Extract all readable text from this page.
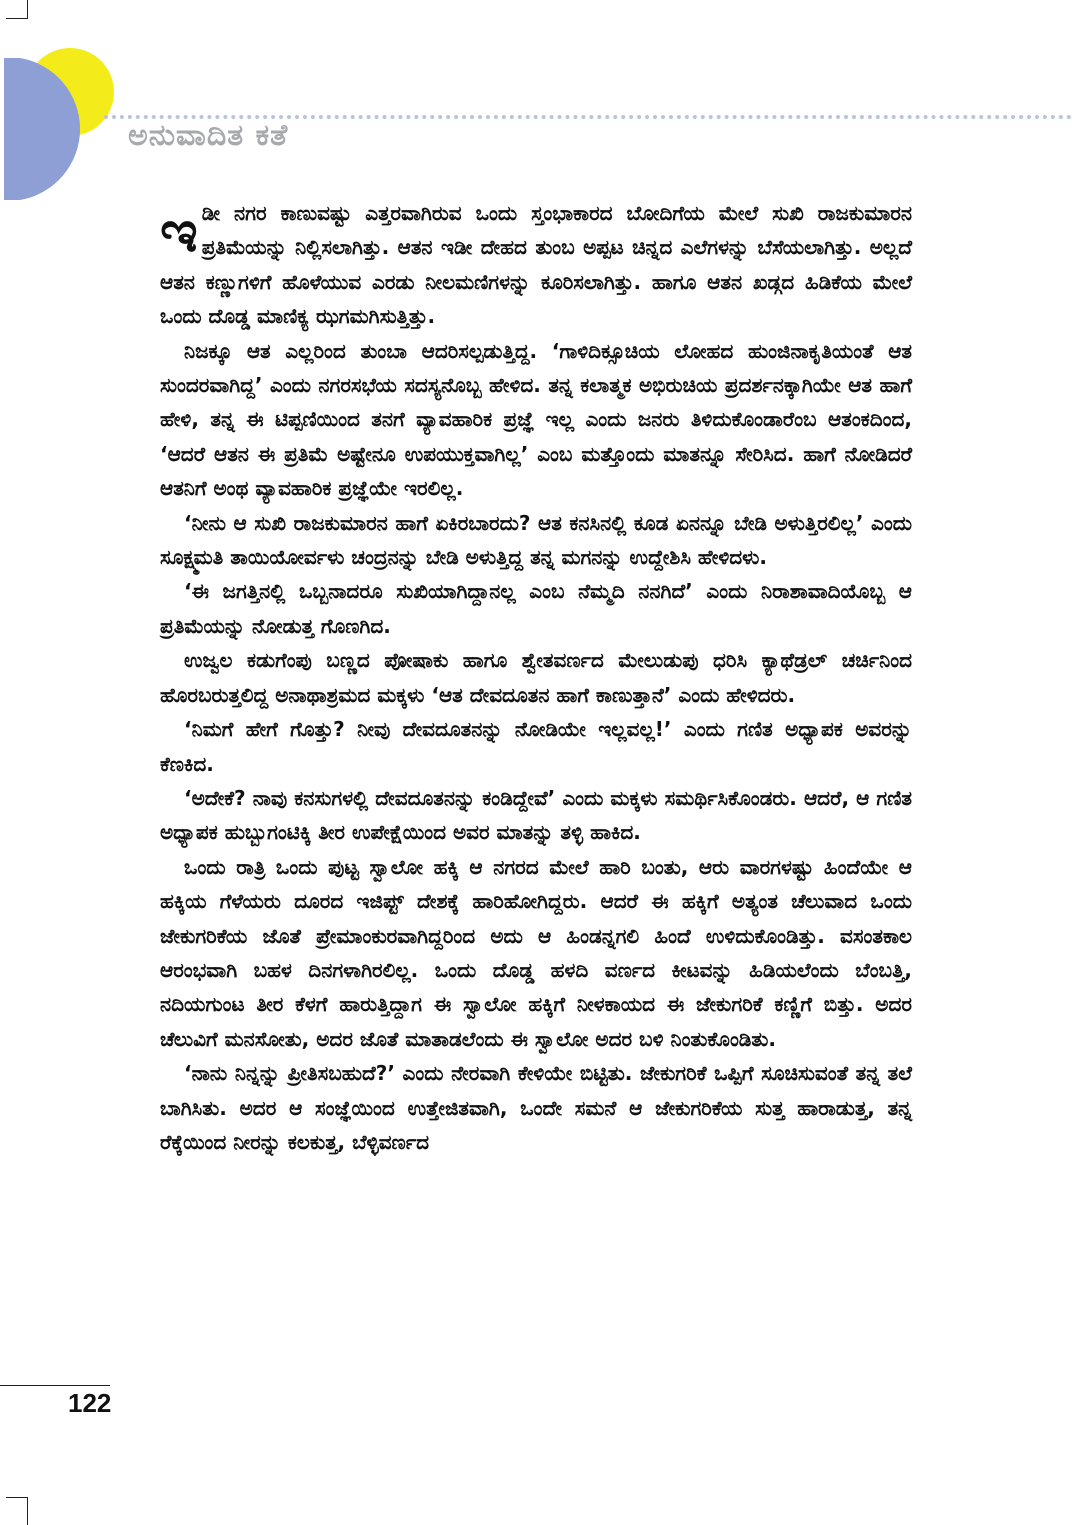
ಅನುವಾದಿತ ಕತೆ

ಇಡೀ ನಗರ ಕಾಣುವಷ್ಟು ಎತ್ತರವಾಗಿರುವ ಒಂದು ಸ್ತಂಭಾಕಾರದ ಬೋದಿಗೆಯ ಮೇಲೆ ಸುಖಿ ರಾಜಕುಮಾರನ ಪ್ರತಿಮೆಯನ್ನು ನಿಲ್ಲಿಸಲಾಗಿತ್ತು. ಆತನ ಇಡೀ ದೇಹದ ತುಂಬ ಅಪ್ಪಟ ಚಿನ್ನದ ಎಲೆಗಳನ್ನು ಬೆಸೆಯಲಾಗಿತ್ತು. ಅಲ್ಲದೆ ಆತನ ಕಣ್ಣುಗಳಿಗೆ ಹೊಳೆಯುವ ಎರಡು ನೀಲಮಣಿಗಳನ್ನು ಕೂರಿಸಲಾಗಿತ್ತು. ಹಾಗೂ ಆತನ ಖಡ್ಗದ ಹಿಡಿಕೆಯ ಮೇಲೆ ಒಂದು ದೊಡ್ಡ ಮಾಣಿಕ್ಯ ಝಗಮಗಿಸುತ್ತಿತ್ತು.

ನಿಜಕ್ಕೂ ಆತ ಎಲ್ಲರಿಂದ ತುಂಬಾ ಆದರಿಸಲ್ಪಡುತ್ತಿದ್ದ. ‘ಗಾಳಿದಿಕ್ಸೂಚಿಯ ಲೋಹದ ಹುಂಜಿನಾಕೃತಿಯಂತೆ ಆತ ಸುಂದರವಾಗಿದ್ದ’ ಎಂದು ನಗರಸಭೆಯ ಸದಸ್ಯನೊಬ್ಬ ಹೇಳಿದ. ತನ್ನ ಕಲಾತ್ಮಕ ಅಭಿರುಚಿಯ ಪ್ರದರ್ಶನಕ್ಕಾಗಿಯೇ ಆತ ಹಾಗೆ ಹೇಳಿ, ತನ್ನ ಈ ಟಿಪ್ಪಣಿಯಿಂದ ತನಗೆ ವ್ಯಾವಹಾರಿಕ ಪ್ರಜ್ಞೆ ಇಲ್ಲ ಎಂದು ಜನರು ತಿಳಿದುಕೊಂಡಾರೆಂಬ ಆತಂಕದಿಂದ, ‘ಆದರೆ ಆತನ ಈ ಪ್ರತಿಮೆ ಅಷ್ಟೇನೂ ಉಪಯುಕ್ತವಾಗಿಲ್ಲ’ ಎಂಬ ಮತ್ತೊಂದು ಮಾತನ್ನೂ ಸೇರಿಸಿದ. ಹಾಗೆ ನೋಡಿದರೆ ಆತನಿಗೆ ಅಂಥ ವ್ಯಾವಹಾರಿಕ ಪ್ರಜ್ಞೆಯೇ ಇರಲಿಲ್ಲ.

‘ನೀನು ಆ ಸುಖಿ ರಾಜಕುಮಾರನ ಹಾಗೆ ಏಕಿರಬಾರದು? ಆತ ಕನಸಿನಲ್ಲಿ ಕೂಡ ಏನನ್ನೂ ಬೇಡಿ ಅಳುತ್ತಿರಲಿಲ್ಲ’ ಎಂದು ಸೂಕ್ಷ್ಮಮತಿ ತಾಯಿಯೋರ್ವಳು ಚಂದ್ರನನ್ನು ಬೇಡಿ ಅಳುತ್ತಿದ್ದ ತನ್ನ ಮಗನನ್ನು ಉದ್ದೇಶಿಸಿ ಹೇಳಿದಳು.

‘ಈ ಜಗತ್ತಿನಲ್ಲಿ ಒಬ್ಬನಾದರೂ ಸುಖಿಯಾಗಿದ್ದಾನಲ್ಲ ಎಂಬ ನೆಮ್ಮದಿ ನನಗಿದೆ’ ಎಂದು ನಿರಾಶಾವಾದಿಯೊಬ್ಬ ಆ ಪ್ರತಿಮೆಯನ್ನು ನೋಡುತ್ತ ಗೊಣಗಿದ.

ಉಜ್ವಲ ಕಡುಗೆಂಪು ಬಣ್ಣದ ಪೋಷಾಕು ಹಾಗೂ ಶ್ವೇತವರ್ಣದ ಮೇಲುಡುಪು ಧರಿಸಿ ಕ್ಯಾಥೆಡ್ರಲ್ ಚರ್ಚಿನಿಂದ ಹೊರಬರುತ್ತಲಿದ್ದ ಅನಾಥಾಶ್ರಮದ ಮಕ್ಕಳು ‘ಆತ ದೇವದೂತನ ಹಾಗೆ ಕಾಣುತ್ತಾನೆ’ ಎಂದು ಹೇಳಿದರು.

‘ನಿಮಗೆ ಹೇಗೆ ಗೊತ್ತು? ನೀವು ದೇವದೂತನನ್ನು ನೋಡಿಯೇ ಇಲ್ಲವಲ್ಲ!’ ಎಂದು ಗಣಿತ ಅಧ್ಯಾಪಕ ಅವರನ್ನು ಕೆಣಕಿದ.

‘ಅದೇಕೆ? ನಾವು ಕನಸುಗಳಲ್ಲಿ ದೇವದೂತನನ್ನು ಕಂಡಿದ್ದೇವೆ’ ಎಂದು ಮಕ್ಕಳು ಸಮರ್ಥಿಸಿಕೊಂಡರು. ಆದರೆ, ಆ ಗಣಿತ ಅಧ್ಯಾಪಕ ಹುಬ್ಬುಗಂಟಿಕ್ಕಿ ತೀರ ಉಪೇಕ್ಷೆಯಿಂದ ಅವರ ಮಾತನ್ನು ತಳ್ಳಿ ಹಾಕಿದ.

ಒಂದು ರಾತ್ರಿ ಒಂದು ಪುಟ್ಟ ಸ್ವಾಲೋ ಹಕ್ಕಿ ಆ ನಗರದ ಮೇಲೆ ಹಾರಿ ಬಂತು, ಆರು ವಾರಗಳಷ್ಟು ಹಿಂದೆಯೇ ಆ ಹಕ್ಕಿಯ ಗೆಳೆಯರು ದೂರದ ಇಜಿಪ್ಟ್ ದೇಶಕ್ಕೆ ಹಾರಿಹೋಗಿದ್ದರು. ಆದರೆ ಈ ಹಕ್ಕಿಗೆ ಅತ್ಯಂತ ಚೆಲುವಾದ ಒಂದು ಜೇಕುಗರಿಕೆಯ ಜೊತೆ ಪ್ರೇಮಾಂಕುರವಾಗಿದ್ದರಿಂದ ಅದು ಆ ಹಿಂಡನ್ನಗಲಿ ಹಿಂದೆ ಉಳಿದುಕೊಂಡಿತ್ತು. ವಸಂತಕಾಲ ಆರಂಭವಾಗಿ ಬಹಳ ದಿನಗಳಾಗಿರಲಿಲ್ಲ. ಒಂದು ದೊಡ್ಡ ಹಳದಿ ವರ್ಣದ ಕೀಟವನ್ನು ಹಿಡಿಯಲೆಂದು ಬೆಂಬತ್ತಿ, ನದಿಯಗುಂಟ ತೀರ ಕೆಳಗೆ ಹಾರುತ್ತಿದ್ದಾಗ ಈ ಸ್ವಾಲೋ ಹಕ್ಕಿಗೆ ನೀಳಕಾಯದ ಈ ಜೇಕುಗರಿಕೆ ಕಣ್ಣಿಗೆ ಬಿತ್ತು. ಅದರ ಚೆಲುವಿಗೆ ಮನಸೋತು, ಅದರ ಜೊತೆ ಮಾತಾಡಲೆಂದು ಈ ಸ್ವಾಲೋ ಅದರ ಬಳಿ ನಿಂತುಕೊಂಡಿತು.

‘ನಾನು ನಿನ್ನನ್ನು ಪ್ರೀತಿಸಬಹುದೆ?’ ಎಂದು ನೇರವಾಗಿ ಕೇಳಿಯೇ ಬಿಟ್ಟಿತು. ಜೇಕುಗರಿಕೆ ಒಪ್ಪಿಗೆ ಸೂಚಿಸುವಂತೆ ತನ್ನ ತಲೆ ಬಾಗಿಸಿತು. ಅದರ ಆ ಸಂಜ್ಞೆಯಿಂದ ಉತ್ತೇಜಿತವಾಗಿ, ಒಂದೇ ಸಮನೆ ಆ ಜೇಕುಗರಿಕೆಯ ಸುತ್ತ ಹಾರಾಡುತ್ತ, ತನ್ನ ರೆಕ್ಕೆಯಿಂದ ನೀರನ್ನು ಕಲಕುತ್ತ, ಬೆಳ್ಳಿವರ್ಣದ

122
